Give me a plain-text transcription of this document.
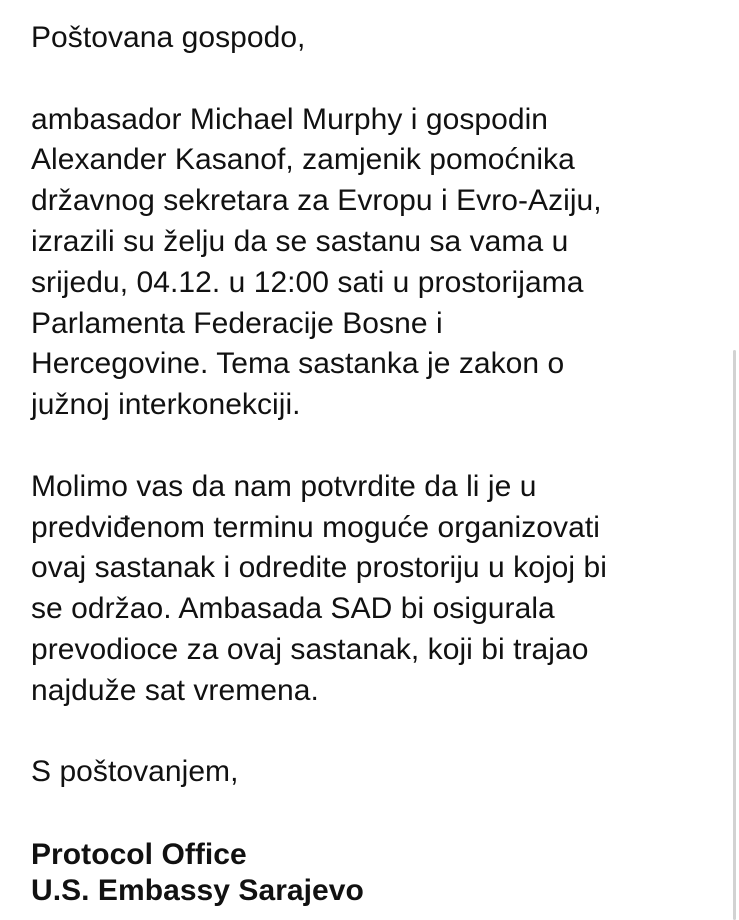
Poštovana gospodo,
ambasador Michael Murphy i gospodin
Alexander Kasanof, zamjenik pomoćnika
državnog sekretara za Evropu i Evro-Aziju,
izrazili su želju da se sastanu sa vama u
srijedu, 04.12. u 12:00 sati u prostorijama
Parlamenta Federacije Bosne i
Hercegovine. Tema sastanka je zakon o
južnoj interkonekciji.
Molimo vas da nam potvrdite da li je u
predviđenom terminu moguće organizovati
ovaj sastanak i odredite prostoriju u kojoj bi
se održao. Ambasada SAD bi osigurala
prevodioce za ovaj sastanak, koji bi trajao
najduže sat vremena.
S poštovanjem,
Protocol Office
U.S. Embassy Sarajevo
